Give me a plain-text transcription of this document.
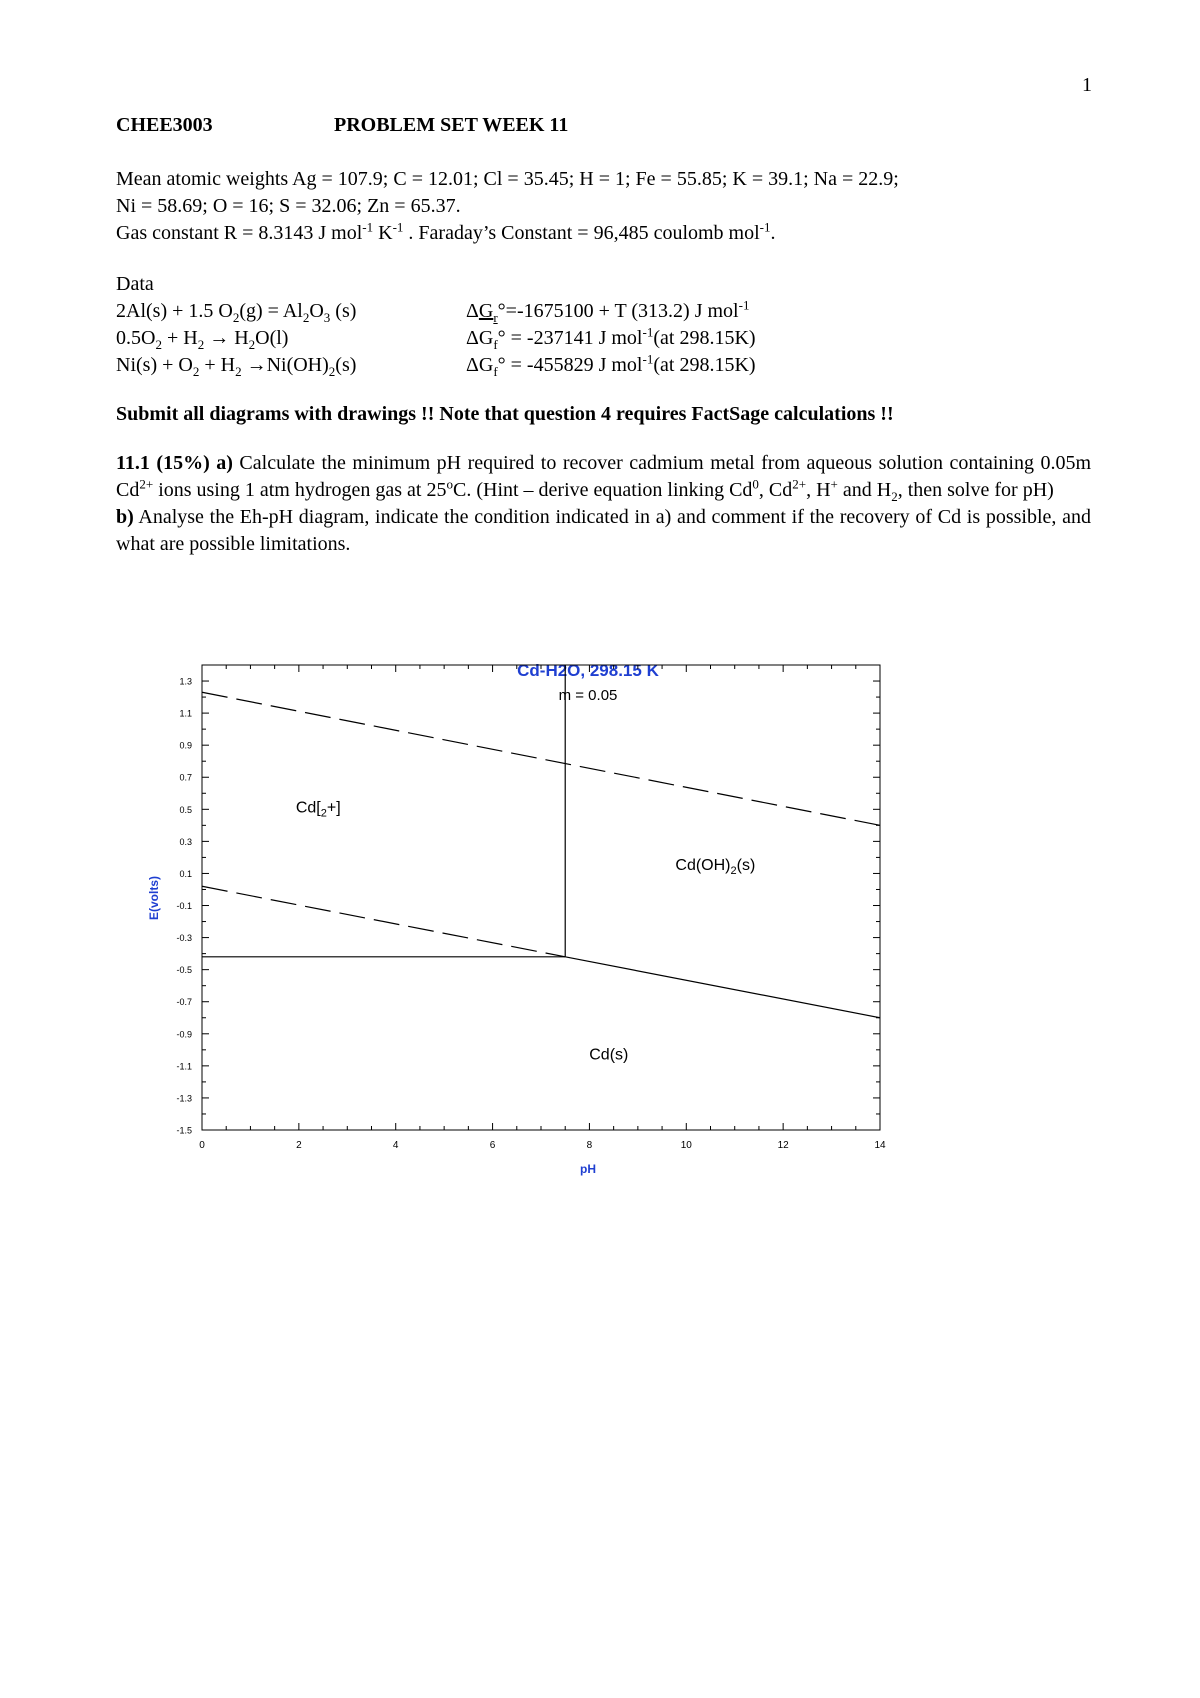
1
CHEE3003	PROBLEM SET WEEK 11
Mean atomic weights Ag = 107.9; C = 12.01; Cl = 35.45; H = 1; Fe = 55.85; K = 39.1; Na = 22.9;
Ni = 58.69; O = 16; S = 32.06; Zn = 65.37.
Gas constant R = 8.3143 J mol$^{-1}$ $K^{-1}$ . Faraday’s Constant = 96,485 coulomb mol$^{-1}$.
Data
2Al(s) + 1.5 $O_2(g) = Al_2O_3$ (s)	$\Delta G_r^\circ=-1675100 + T$ (313.2) J mol$^{-1}$
$0.5O_2 + H_2 \to H_2O(l)$	$\Delta G_f^\circ = -237141$ J mol$^{-1}$(at 298.15K)
$Ni(s) + O_2 + H_2 \to Ni(OH)_2(s)$	$\Delta G_f^\circ = -455829$ J mol$^{-1}$(at 298.15K)
Submit all diagrams with drawings !! Note that question 4 requires FactSage calculations !!
11.1 (15%) a) Calculate the minimum pH required to recover cadmium metal from aqueous solution containing 0.05m $Cd^{2+}$ ions using 1 atm hydrogen gas at 25$^o$C. (Hint – derive equation linking Cd$^0$, $Cd^{2+}$, H+ and $H_2$, then solve for pH)
b) Analyse the Eh-pH diagram, indicate the condition indicated in a) and comment if the recovery of Cd is possible, and what are possible limitations.
Cd-H2O, 298.15 K
m = 0.05
0	2	4	6	8	10	12	14
1.3
1.1
0.9
0.7
0.5
0.3
0.1
-0.1
-0.3
-0.5
-0.7
-0.9
-1.1
-1.3
-1.5
$Cd[_2+]$
$Cd(OH)_2(s)$
Cd(s)
pH
E(volts)
